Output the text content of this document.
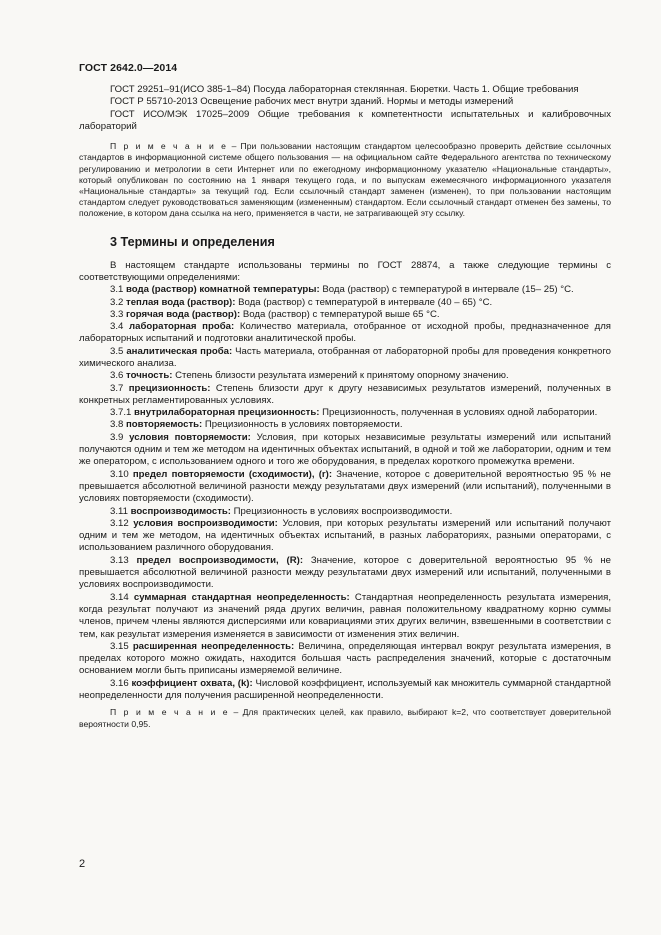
ГОСТ 2642.0—2014

ГОСТ 29251–91(ИСО 385-1–84) Посуда лабораторная стеклянная. Бюретки. Часть 1. Общие требования

ГОСТ Р 55710-2013 Освещение рабочих мест внутри зданий. Нормы и методы измерений

ГОСТ ИСО/МЭК 17025–2009 Общие требования к компетентности испытательных и калибровочных лабораторий

П р и м е ч а н и е – При пользовании настоящим стандартом целесообразно проверить действие ссылочных стандартов в информационной системе общего пользования — на официальном сайте Федерального агентства по техническому регулированию и метрологии в сети Интернет или по ежегодному информационному указателю «Национальные стандарты», который опубликован по состоянию на 1 января текущего года, и по выпускам ежемесячного информационного указателя «Национальные стандарты» за текущий год. Если ссылочный стандарт заменен (изменен), то при пользовании настоящим стандартом следует руководствоваться заменяющим (измененным) стандартом. Если ссылочный стандарт отменен без замены, то положение, в котором дана ссылка на него, применяется в части, не затрагивающей эту ссылку.

3 Термины и определения

В настоящем стандарте использованы термины по ГОСТ 28874, а также следующие термины с соответствующими определениями:

3.1 вода (раствор) комнатной температуры: Вода (раствор) с температурой в интервале (15– 25) °С.

3.2 теплая вода (раствор): Вода (раствор) с температурой в интервале (40 – 65) °С.

3.3 горячая вода (раствор): Вода (раствор) с температурой выше 65 °С.

3.4 лабораторная проба: Количество материала, отобранное от исходной пробы, предназначенное для лабораторных испытаний и подготовки аналитической пробы.

3.5 аналитическая проба: Часть материала, отобранная от лабораторной пробы для проведения конкретного химического анализа.

3.6 точность: Степень близости результата измерений к принятому опорному значению.

3.7 прецизионность: Степень близости друг к другу независимых результатов измерений, полученных в конкретных регламентированных условиях.

3.7.1 внутрилабораторная прецизионность: Прецизионность, полученная в условиях одной лаборатории.

3.8 повторяемость: Прецизионность в условиях повторяемости.

3.9 условия повторяемости: Условия, при которых независимые результаты измерений или испытаний получаются одним и тем же методом на идентичных объектах испытаний, в одной и той же лаборатории, одним и тем же оператором, с использованием одного и того же оборудования, в пределах короткого промежутка времени.

3.10 предел повторяемости (сходимости), (r): Значение, которое с доверительной вероятностью 95 % не превышается абсолютной величиной разности между результатами двух измерений (или испытаний), полученными в условиях повторяемости (сходимости).

3.11 воспроизводимость: Прецизионность в условиях воспроизводимости.

3.12 условия воспроизводимости: Условия, при которых результаты измерений или испытаний получают одним и тем же методом, на идентичных объектах испытаний, в разных лабораториях, разными операторами, с использованием различного оборудования.

3.13 предел воспроизводимости, (R): Значение, которое с доверительной вероятностью 95 % не превышается абсолютной величиной разности между результатами двух измерений или испытаний, полученными в условиях воспроизводимости.

3.14 суммарная стандартная неопределенность: Стандартная неопределенность результата измерения, когда результат получают из значений ряда других величин, равная положительному квадратному корню суммы членов, причем члены являются дисперсиями или ковариациями этих других величин, взвешенными в соответствии с тем, как результат измерения изменяется в зависимости от изменения этих величин.

3.15 расширенная неопределенность: Величина, определяющая интервал вокруг результата измерения, в пределах которого можно ожидать, находится большая часть распределения значений, которые с достаточным основанием могли быть приписаны измеряемой величине.

3.16 коэффициент охвата, (k): Числовой коэффициент, используемый как множитель суммарной стандартной неопределенности для получения расширенной неопределенности.

П р и м е ч а н и е – Для практических целей, как правило, выбирают k=2, что соответствует доверительной вероятности 0,95.

2
